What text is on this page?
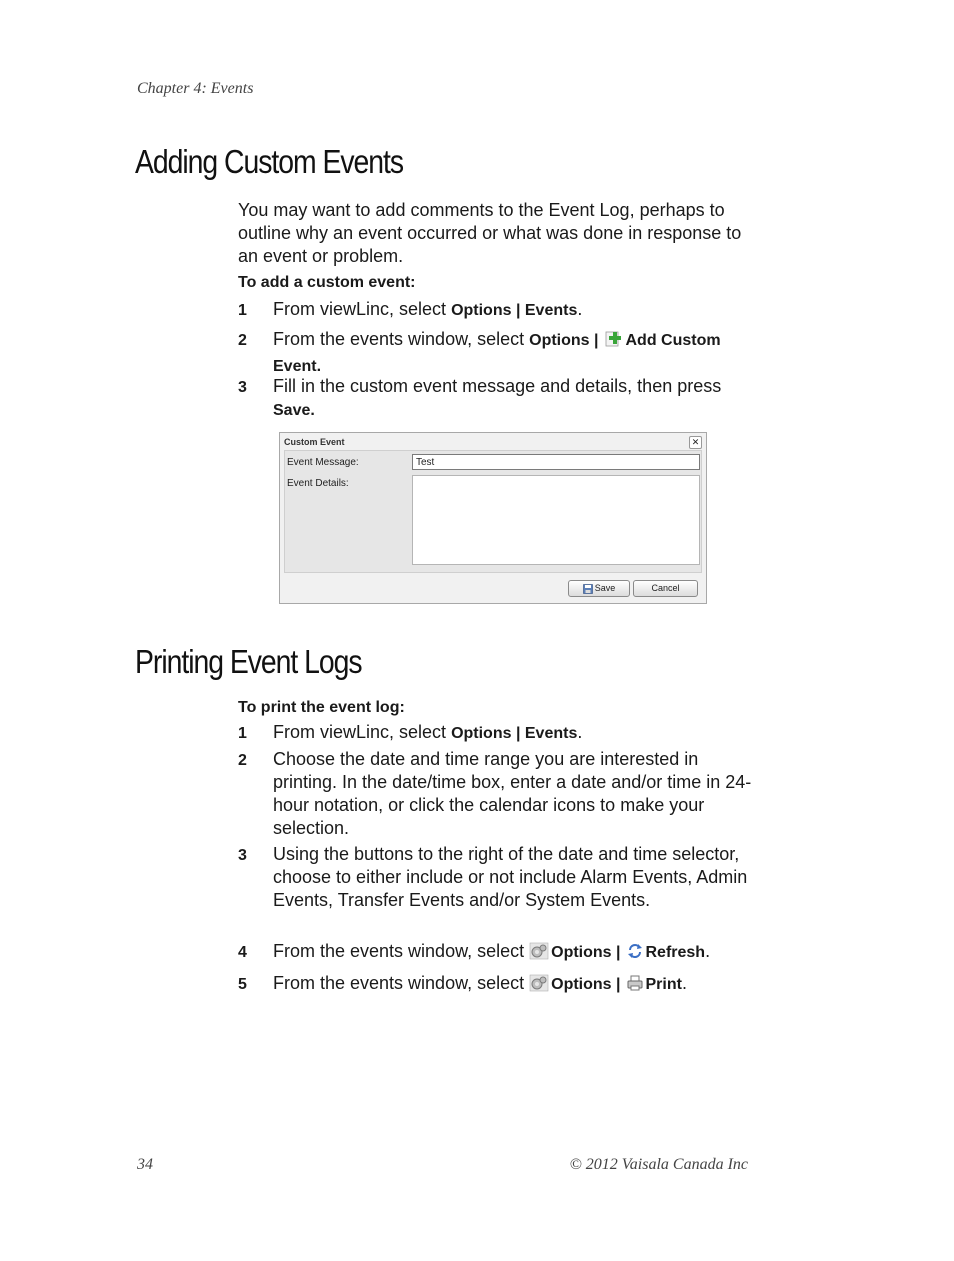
Chapter 4: Events
Adding Custom Events

You may want to add comments to the Event Log, perhaps to outline why an event occurred or what was done in response to an event or problem.

To add a custom event:
1 From viewLinc, select Options | Events.
2 From the events window, select Options | Add Custom Event.
3 Fill in the custom event message and details, then press Save.
Custom Event	✕
Event Message:	Test
Event Details:
Save	Cancel
Printing Event Logs
To print the event log:
1 From viewLinc, select Options | Events.
2 Choose the date and time range you are interested in printing. In the date/time box, enter a date and/or time in 24-hour notation, or click the calendar icons to make your selection.
3 Using the buttons to the right of the date and time selector, choose to either include or not include Alarm Events, Admin Events, Transfer Events and/or System Events.
4 From the events window, select Options | Refresh.
5 From the events window, select Options | Print.
34	© 2012 Vaisala Canada Inc
